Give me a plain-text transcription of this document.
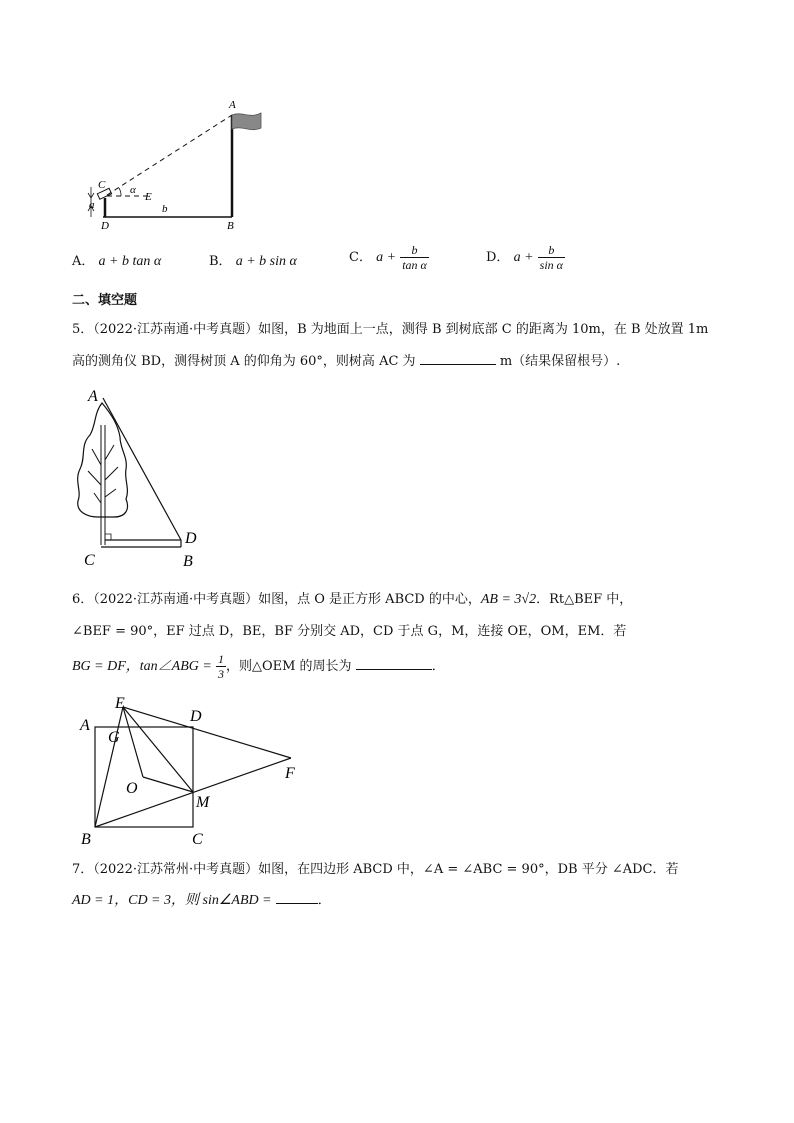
A
C α
E
a	b
D	B
A． a + b tan α	B． a + b sin α	C． $a + \frac{b}{\text{tan α}}$	D． $a + \frac{b}{\text{sin α}}$
二、填空题
5．（2022·江苏南通·中考真题）如图，B 为地面上一点，测得 B 到树底部 C 的距离为 10m，在 B 处放置 1m
高的测角仪 BD，测得树顶 A 的仰角为 60°，则树高 AC 为	m（结果保留根号）.
A
D
C	B
6．（2022·江苏南通·中考真题）如图，点 O 是正方形 ABCD 的中心，AB = 3√2．Rt△BEF 中，
∠BEF = 90°，EF 过点 D，BE，BF 分别交 AD，CD 于点 G，M，连接 OE，OM，EM．若
BG = DF，tan∠ABG = $\frac{1}{3}$ ，则△OEM 的周长为	．
E
D
A
G
F
O
M
B	C
7．（2022·江苏常州·中考真题）如图，在四边形 ABCD 中，∠A = ∠ABC = 90°，DB 平分 ∠ADC．若
AD = 1，CD = 3，则 sin∠ABD =	．
